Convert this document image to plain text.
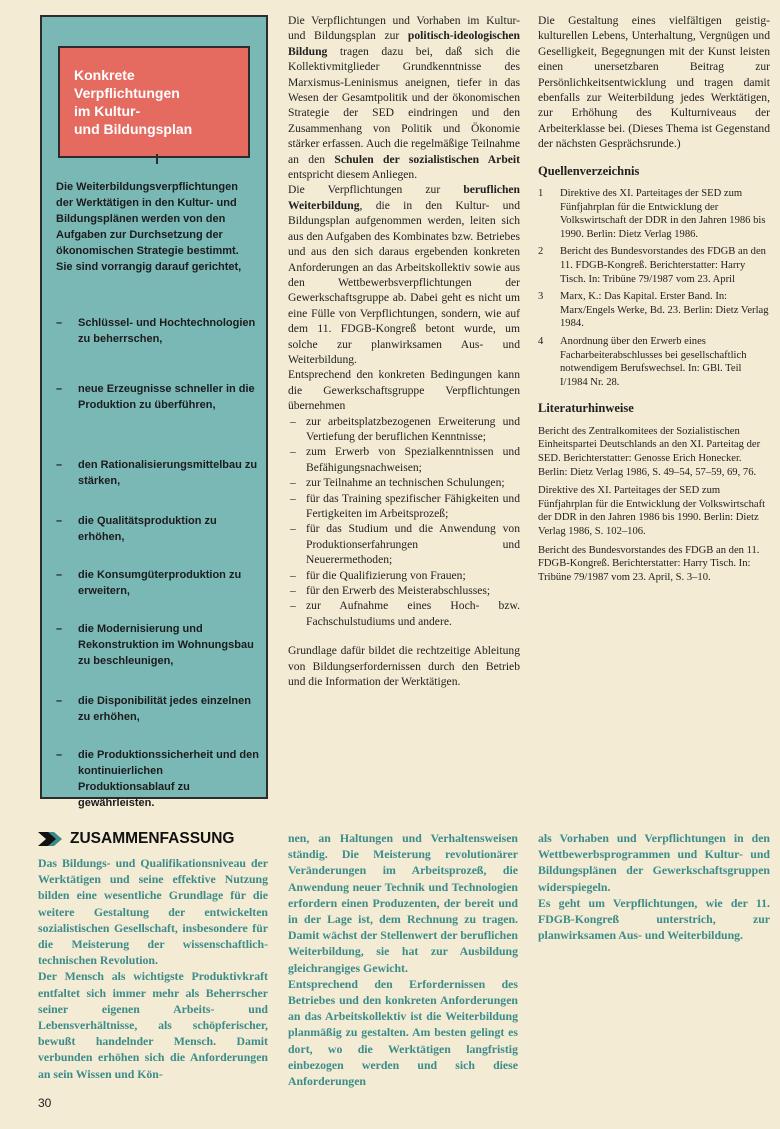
Konkrete
Verpflichtungen
im Kultur-
und Bildungsplan

Die Weiterbildungsverpflichtungen der Werktätigen in den Kultur- und Bildungsplänen werden von den Aufgaben zur Durchsetzung der ökonomischen Strategie bestimmt. Sie sind vorrangig darauf gerichtet,

– Schlüssel- und Hochtechnologien zu beherrschen,
– neue Erzeugnisse schneller in die Produktion zu überführen,
– den Rationalisierungsmittelbau zu stärken,
– die Qualitätsproduktion zu erhöhen,
– die Konsumgüterproduktion zu erweitern,
– die Modernisierung und Rekonstruktion im Wohnungsbau zu beschleunigen,
– die Disponibilität jedes einzelnen zu erhöhen,
– die Produktionssicherheit und den kontinuierlichen Produktionsablauf zu gewährleisten.

Die Verpflichtungen und Vorhaben im Kultur- und Bildungsplan zur politisch-ideologischen Bildung tragen dazu bei, daß sich die Kollektivmitglieder Grundkenntnisse des Marxismus-Leninismus aneignen, tiefer in das Wesen der Gesamtpolitik und der ökonomischen Strategie der SED eindringen und den Zusammenhang von Politik und Ökonomie stärker erfassen. Auch die regelmäßige Teilnahme an den Schulen der sozialistischen Arbeit entspricht diesem Anliegen.

Die Verpflichtungen zur beruflichen Weiterbildung, die in den Kultur- und Bildungsplan aufgenommen werden, leiten sich aus den Aufgaben des Kombinates bzw. Betriebes und aus den sich daraus ergebenden konkreten Anforderungen an das Arbeitskollektiv sowie aus den Wettbewerbsverpflichtungen der Gewerkschaftsgruppe ab. Dabei geht es nicht um eine Fülle von Verpflichtungen, sondern, wie auf dem 11. FDGB-Kongreß betont wurde, um solche zur planwirksamen Aus- und Weiterbildung.

Entsprechend den konkreten Bedingungen kann die Gewerkschaftsgruppe Verpflichtungen übernehmen

– zur arbeitsplatzbezogenen Erweiterung und Vertiefung der beruflichen Kenntnisse;
– zum Erwerb von Spezialkenntnissen und Befähigungsnachweisen;
– zur Teilnahme an technischen Schulungen;
– für das Training spezifischer Fähigkeiten und Fertigkeiten im Arbeitsprozeß;
– für das Studium und die Anwendung von Produktionserfahrungen und Neuerermethoden;
– für die Qualifizierung von Frauen;
– für den Erwerb des Meisterabschlusses;
– zur Aufnahme eines Hoch- bzw. Fachschulstudiums und andere.

Grundlage dafür bildet die rechtzeitige Ableitung von Bildungserfordernissen durch den Betrieb und die Information der Werktätigen.

Die Gestaltung eines vielfältigen geistig-kulturellen Lebens, Unterhaltung, Vergnügen und Geselligkeit, Begegnungen mit der Kunst leisten einen unersetzbaren Beitrag zur Persönlichkeitsentwicklung und tragen damit ebenfalls zur Weiterbildung jedes Werktätigen, zur Erhöhung des Kulturniveaus der Arbeiterklasse bei. (Dieses Thema ist Gegenstand der nächsten Gesprächsrunde.)

Quellenverzeichnis
1 Direktive des XI. Parteitages der SED zum Fünfjahrplan für die Entwicklung der Volkswirtschaft der DDR in den Jahren 1986 bis 1990. Berlin: Dietz Verlag 1986.
2 Bericht des Bundesvorstandes des FDGB an den 11. FDGB-Kongreß. Berichterstatter: Harry Tisch. In: Tribüne 79/1987 vom 23. April
3 Marx, K.: Das Kapital. Erster Band. In: Marx/Engels Werke, Bd. 23. Berlin: Dietz Verlag 1984.
4 Anordnung über den Erwerb eines Facharbeiterabschlusses bei gesellschaftlich notwendigem Berufswechsel. In: GBl. Teil I/1984 Nr. 28.
Literaturhinweise

Bericht des Zentralkomitees der Sozialistischen Einheitspartei Deutschlands an den XI. Parteitag der SED. Berichterstatter: Genosse Erich Honecker. Berlin: Dietz Verlag 1986, S. 49–54, 57–59, 69, 76.

Direktive des XI. Parteitages der SED zum Fünfjahrplan für die Entwicklung der Volkswirtschaft der DDR in den Jahren 1986 bis 1990. Berlin: Dietz Verlag 1986, S. 102–106.

Bericht des Bundesvorstandes des FDGB an den 11. FDGB-Kongreß. Berichterstatter: Harry Tisch. In: Tribüne 79/1987 vom 23. April, S. 3–10.

ZUSAMMENFASSUNG

Das Bildungs- und Qualifikationsniveau der Werktätigen und seine effektive Nutzung bilden eine wesentliche Grundlage für die weitere Gestaltung der entwickelten sozialistischen Gesellschaft, insbesondere für die Meisterung der wissenschaftlich-technischen Revolution.

Der Mensch als wichtigste Produktivkraft entfaltet sich immer mehr als Beherrscher seiner eigenen Arbeits- und Lebensverhältnisse, als schöpferischer, bewußt handelnder Mensch. Damit verbunden erhöhen sich die Anforderungen an sein Wissen und Kön-

nen, an Haltungen und Verhaltensweisen ständig. Die Meisterung revolutionärer Veränderungen im Arbeitsprozeß, die Anwendung neuer Technik und Technologien erfordern einen Produzenten, der bereit und in der Lage ist, dem Rechnung zu tragen. Damit wächst der Stellenwert der beruflichen Weiterbildung, sie hat zur Ausbildung gleichrangiges Gewicht.

Entsprechend den Erfordernissen des Betriebes und den konkreten Anforderungen an das Arbeitskollektiv ist die Weiterbildung planmäßig zu gestalten. Am besten gelingt es dort, wo die Werktätigen langfristig einbezogen werden und sich diese Anforderungen

als Vorhaben und Verpflichtungen in den Wettbewerbsprogrammen und Kultur- und Bildungsplänen der Gewerkschaftsgruppen widerspiegeln.

Es geht um Verpflichtungen, wie der 11. FDGB-Kongreß unterstrich, zur planwirksamen Aus- und Weiterbildung.

30
